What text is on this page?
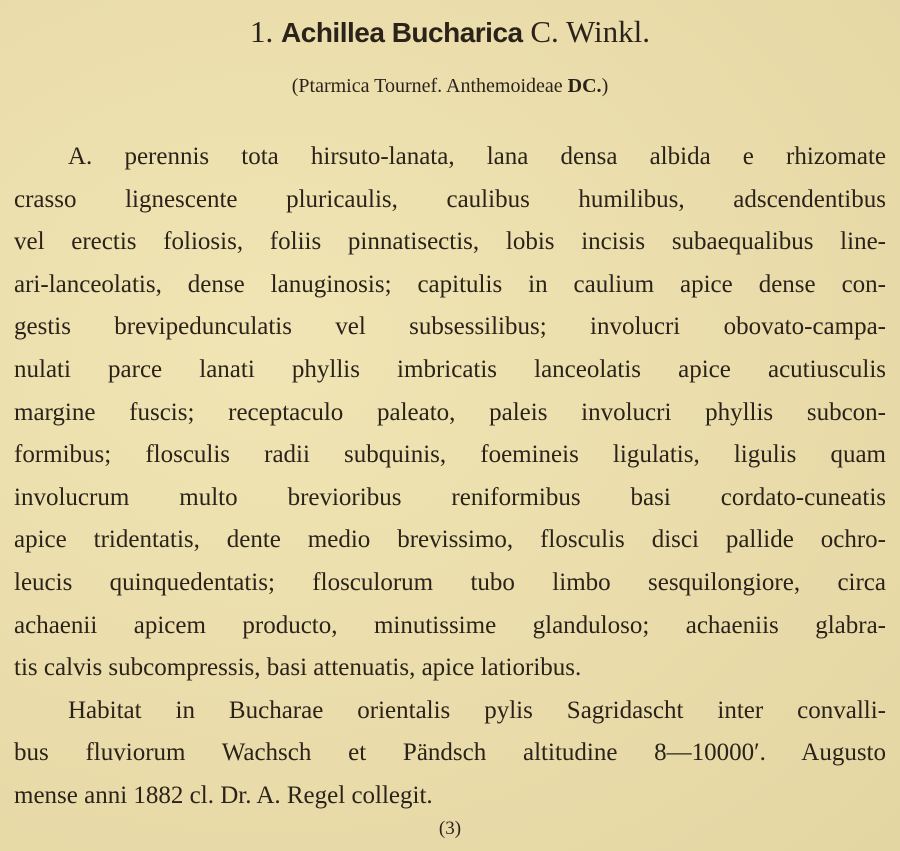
1. Achillea Bucharica C. Winkl.
(Ptarmica Tournef. Anthemoideae DC.)
A. perennis tota hirsuto-lanata, lana densa albida e rhizomate
crasso lignescente pluricaulis, caulibus humilibus, adscendentibus
vel erectis foliosis, foliis pinnatisectis, lobis incisis subaequalibus line-
ari-lanceolatis, dense lanuginosis; capitulis in caulium apice dense con-
gestis brevipedunculatis vel subsessilibus; involucri obovato-campa-
nulati parce lanati phyllis imbricatis lanceolatis apice acutiusculis
margine fuscis; receptaculo paleato, paleis involucri phyllis subcon-
formibus; flosculis radii subquinis, foemineis ligulatis, ligulis quam
involucrum multo brevioribus reniformibus basi cordato-cuneatis
apice tridentatis, dente medio brevissimo, flosculis disci pallide ochro-
leucis quinquedentatis; flosculorum tubo limbo sesquilongiore, circa
achaenii apicem producto, minutissime glanduloso; achaeniis glabra-
tis calvis subcompressis, basi attenuatis, apice latioribus.
Habitat in Bucharae orientalis pylis Sagridascht inter convalli-
bus fluviorum Wachsch et Pändsch altitudine 8—10000′. Augusto
mense anni 1882 cl. Dr. A. Regel collegit.
(3)
